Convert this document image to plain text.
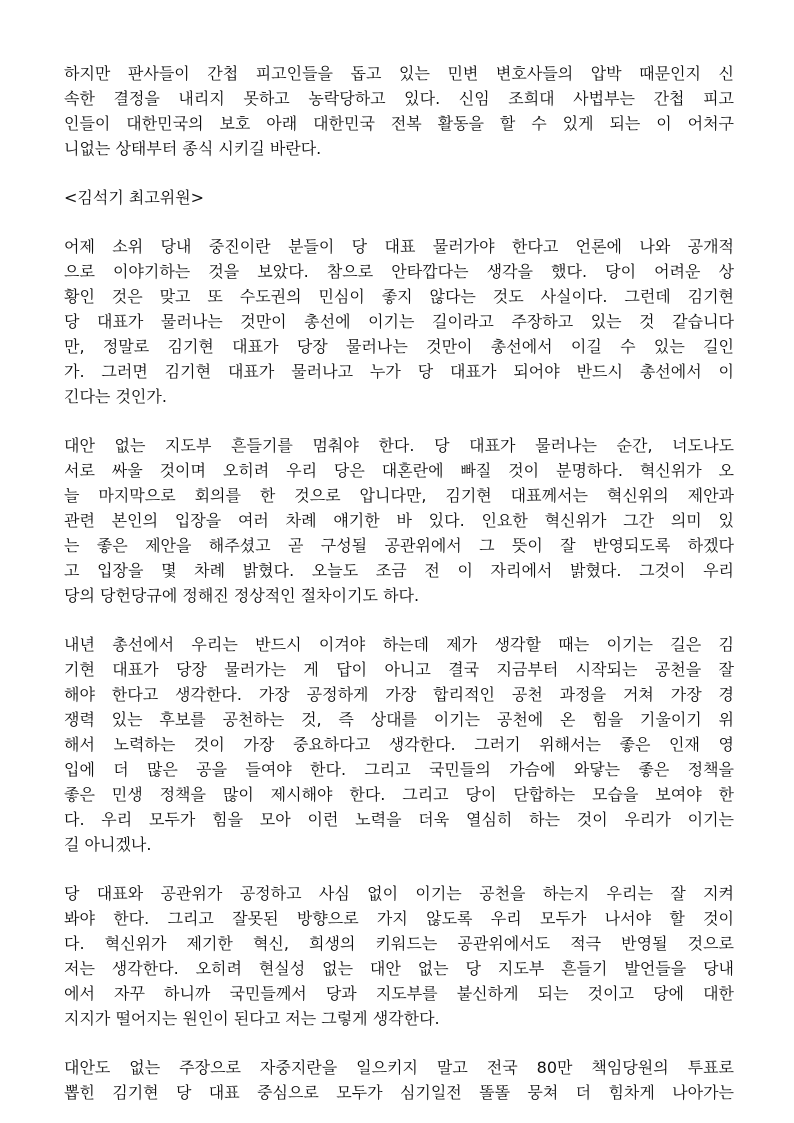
하지만 판사들이 간첩 피고인들을 돕고 있는 민변 변호사들의 압박 때문인지 신
속한 결정을 내리지 못하고 농락당하고 있다. 신임 조희대 사법부는 간첩 피고
인들이 대한민국의 보호 아래 대한민국 전복 활동을 할 수 있게 되는 이 어처구
니없는 상태부터 종식 시키길 바란다.
<김석기 최고위원>
어제 소위 당내 중진이란 분들이 당 대표 물러가야 한다고 언론에 나와 공개적
으로 이야기하는 것을 보았다. 참으로 안타깝다는 생각을 했다. 당이 어려운 상
황인 것은 맞고 또 수도권의 민심이 좋지 않다는 것도 사실이다. 그런데 김기현
당 대표가 물러나는 것만이 총선에 이기는 길이라고 주장하고 있는 것 같습니다
만, 정말로 김기현 대표가 당장 물러나는 것만이 총선에서 이길 수 있는 길인
가. 그러면 김기현 대표가 물러나고 누가 당 대표가 되어야 반드시 총선에서 이
긴다는 것인가.
대안 없는 지도부 흔들기를 멈춰야 한다. 당 대표가 물러나는 순간, 너도나도
서로 싸울 것이며 오히려 우리 당은 대혼란에 빠질 것이 분명하다. 혁신위가 오
늘 마지막으로 회의를 한 것으로 압니다만, 김기현 대표께서는 혁신위의 제안과
관련 본인의 입장을 여러 차례 얘기한 바 있다. 인요한 혁신위가 그간 의미 있
는 좋은 제안을 해주셨고 곧 구성될 공관위에서 그 뜻이 잘 반영되도록 하겠다
고 입장을 몇 차례 밝혔다. 오늘도 조금 전 이 자리에서 밝혔다. 그것이 우리
당의 당헌당규에 정해진 정상적인 절차이기도 하다.
내년 총선에서 우리는 반드시 이겨야 하는데 제가 생각할 때는 이기는 길은 김
기현 대표가 당장 물러가는 게 답이 아니고 결국 지금부터 시작되는 공천을 잘
해야 한다고 생각한다. 가장 공정하게 가장 합리적인 공천 과정을 거쳐 가장 경
쟁력 있는 후보를 공천하는 것, 즉 상대를 이기는 공천에 온 힘을 기울이기 위
해서 노력하는 것이 가장 중요하다고 생각한다. 그러기 위해서는 좋은 인재 영
입에 더 많은 공을 들여야 한다. 그리고 국민들의 가슴에 와닿는 좋은 정책을
좋은 민생 정책을 많이 제시해야 한다. 그리고 당이 단합하는 모습을 보여야 한
다. 우리 모두가 힘을 모아 이런 노력을 더욱 열심히 하는 것이 우리가 이기는
길 아니겠나.
당 대표와 공관위가 공정하고 사심 없이 이기는 공천을 하는지 우리는 잘 지켜
봐야 한다. 그리고 잘못된 방향으로 가지 않도록 우리 모두가 나서야 할 것이
다. 혁신위가 제기한 혁신, 희생의 키워드는 공관위에서도 적극 반영될 것으로
저는 생각한다. 오히려 현실성 없는 대안 없는 당 지도부 흔들기 발언들을 당내
에서 자꾸 하니까 국민들께서 당과 지도부를 불신하게 되는 것이고 당에 대한
지지가 떨어지는 원인이 된다고 저는 그렇게 생각한다.
대안도 없는 주장으로 자중지란을 일으키지 말고 전국 80만 책임당원의 투표로
뽑힌 김기현 당 대표 중심으로 모두가 심기일전 똘똘 뭉쳐 더 힘차게 나아가는
